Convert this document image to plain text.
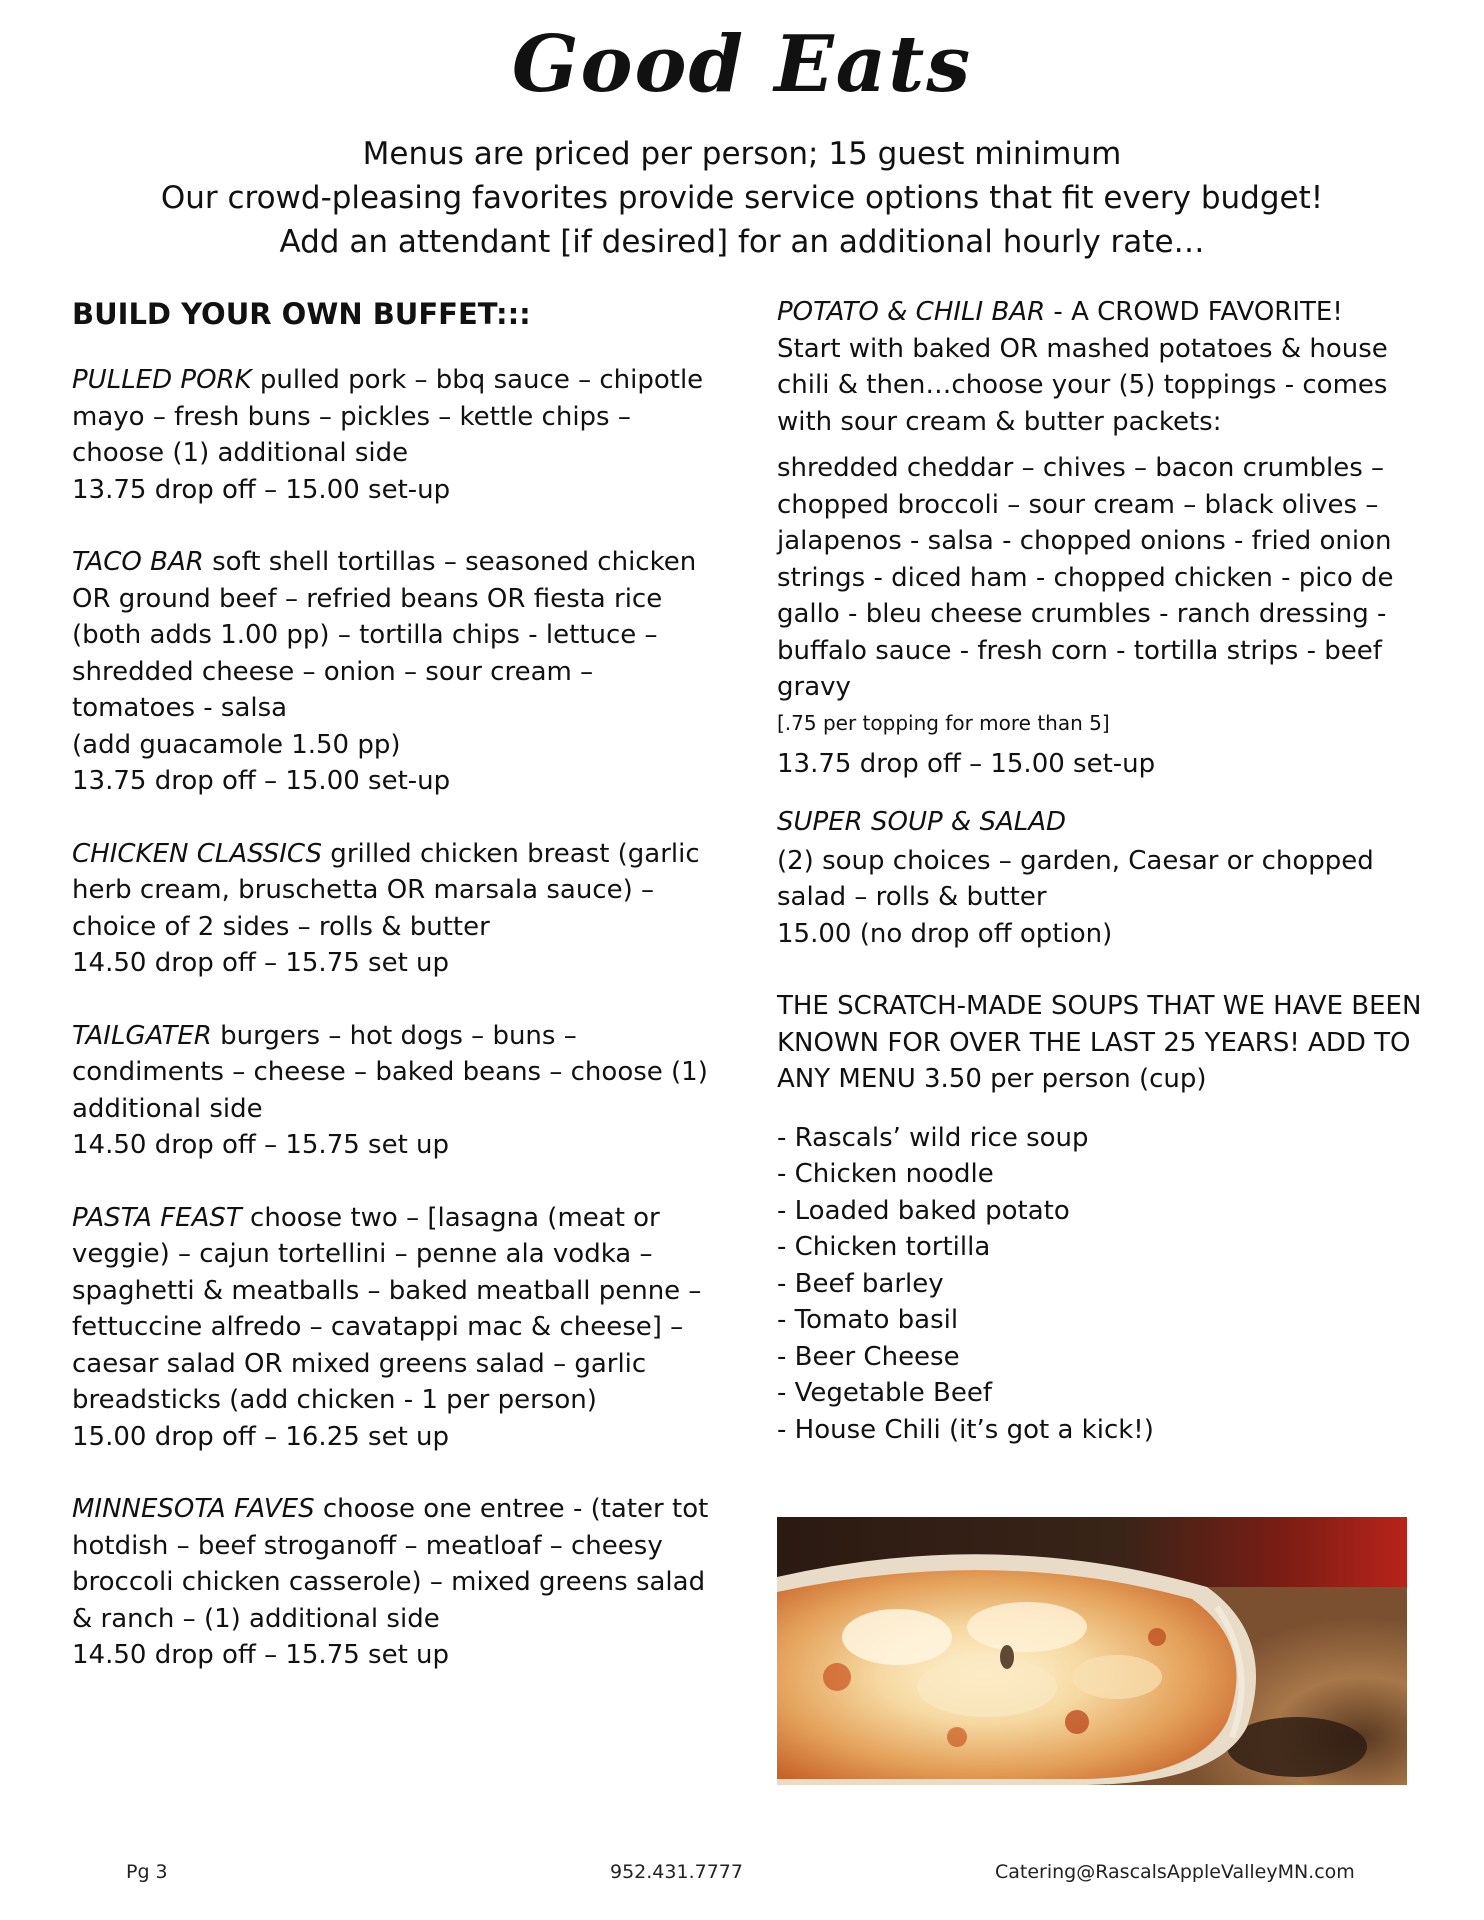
Good Eats
Menus are priced per person; 15 guest minimum
Our crowd-pleasing favorites provide service options that fit every budget!
Add an attendant [if desired] for an additional hourly rate…
BUILD YOUR OWN BUFFET:::
PULLED PORK pulled pork – bbq sauce – chipotle mayo – fresh buns – pickles – kettle chips – choose (1) additional side
13.75 drop off – 15.00 set-up
TACO BAR soft shell tortillas – seasoned chicken OR ground beef – refried beans OR fiesta rice (both adds 1.00 pp) – tortilla chips - lettuce – shredded cheese – onion – sour cream – tomatoes - salsa
(add guacamole 1.50 pp)
13.75 drop off – 15.00 set-up
CHICKEN CLASSICS grilled chicken breast (garlic herb cream, bruschetta OR marsala sauce) – choice of 2 sides – rolls & butter
14.50 drop off – 15.75 set up
TAILGATER burgers – hot dogs – buns – condiments – cheese – baked beans – choose (1) additional side
14.50 drop off – 15.75 set up
PASTA FEAST choose two – [lasagna (meat or veggie) – cajun tortellini – penne ala vodka – spaghetti & meatballs – baked meatball penne – fettuccine alfredo – cavatappi mac & cheese] – caesar salad OR mixed greens salad – garlic breadsticks (add chicken - 1 per person)
15.00 drop off – 16.25 set up
MINNESOTA FAVES choose one entree - (tater tot hotdish – beef stroganoff – meatloaf – cheesy broccoli chicken casserole) – mixed greens salad & ranch – (1) additional side
14.50 drop off – 15.75 set up
POTATO & CHILI BAR - A CROWD FAVORITE!
Start with baked OR mashed potatoes & house chili & then…choose your (5) toppings - comes with sour cream & butter packets:
shredded cheddar – chives – bacon crumbles – chopped broccoli – sour cream – black olives – jalapenos - salsa - chopped onions - fried onion strings - diced ham - chopped chicken - pico de gallo - bleu cheese crumbles - ranch dressing - buffalo sauce - fresh corn - tortilla strips - beef gravy
[.75 per topping for more than 5]
13.75 drop off – 15.00 set-up
SUPER SOUP & SALAD
(2) soup choices – garden, Caesar or chopped salad – rolls & butter
15.00 (no drop off option)
THE SCRATCH-MADE SOUPS THAT WE HAVE BEEN KNOWN FOR OVER THE LAST 25 YEARS! ADD TO ANY MENU 3.50 per person (cup)
- Rascals’ wild rice soup
- Chicken noodle
- Loaded baked potato
- Chicken tortilla
- Beef barley
- Tomato basil
- Beer Cheese
- Vegetable Beef
- House Chili (it’s got a kick!)
Pg 3	952.431.7777	Catering@RascalsAppleValleyMN.com
